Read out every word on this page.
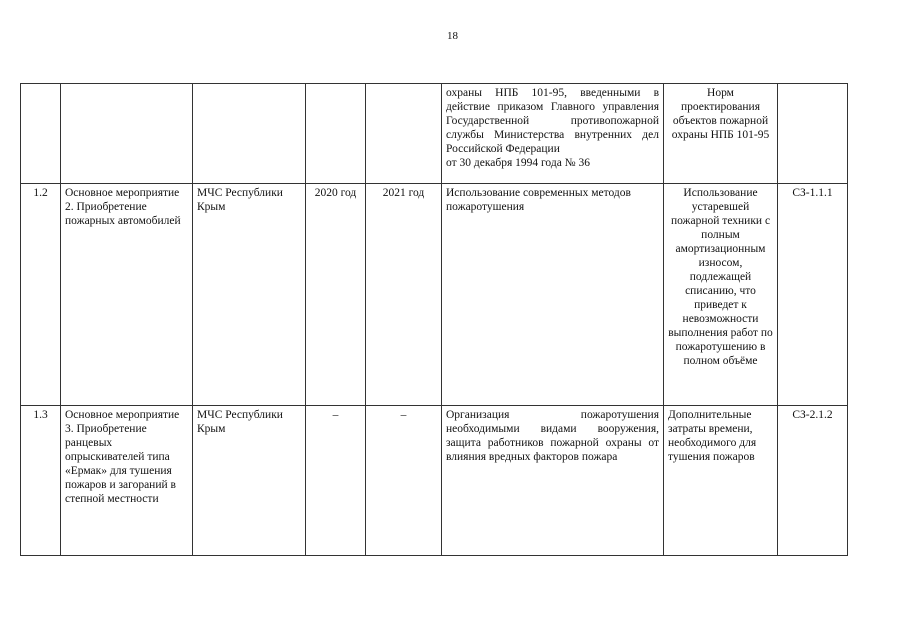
18

					охраны НПБ 101-95, введенными в действие приказом Главного управления Государственной противопожарной службы Министерства внутренних дел Российской Федерации
от 30 декабря 1994 года № 36	Норм проектирования объектов пожарной охраны НПБ 101-95	
1.2	Основное мероприятие 2. Приобретение пожарных автомобилей	МЧС Республики Крым	2020 год	2021 год	Использование современных методов пожаротушения	Использование устаревшей пожарной техники с полным амортизационным износом, подлежащей списанию, что приведет к невозможности выполнения работ по пожаротушению в полном объёме	СЗ-1.1.1
1.3	Основное мероприятие 3. Приобретение ранцевых опрыскивателей типа «Ермак» для тушения пожаров и загораний в степной местности	МЧС Республики Крым	–	–	Организация пожаротушения необходимыми видами вооружения, защита работников пожарной охраны от влияния вредных факторов пожара	Дополнительные затраты времени, необходимого для тушения пожаров	СЗ-2.1.2
